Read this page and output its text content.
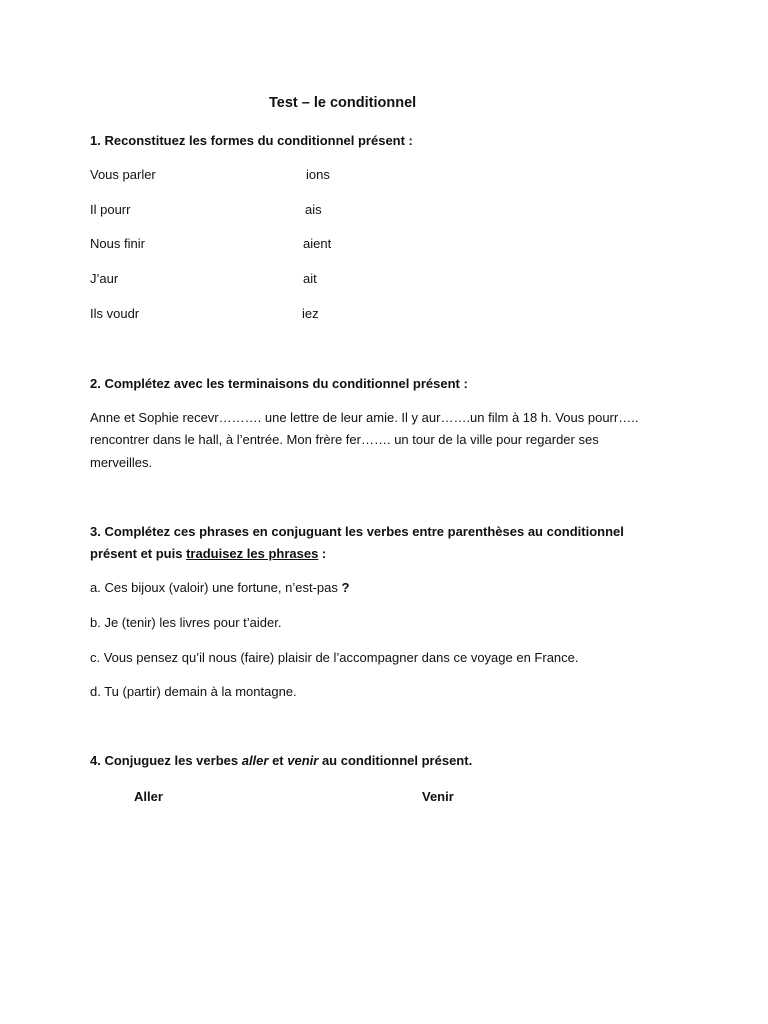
Test – le conditionnel
1. Reconstituez les formes du conditionnel présent :
Vous parler	ions
Il pourr	ais
Nous finir	aient
J’aur	ait
Ils voudr	iez
2. Complétez avec les terminaisons du conditionnel présent :
Anne et Sophie recevr………. une lettre de leur amie. Il y aur…….un film à 18 h. Vous pourr…..
rencontrer dans le hall, à l’entrée. Mon frère fer……. un tour de la ville pour regarder ses
merveilles.
3. Complétez ces phrases en conjuguant les verbes entre parenthèses au conditionnel
présent et puis traduisez les phrases :
a. Ces bijoux (valoir) une fortune, n’est-pas ?
b. Je (tenir) les livres pour t’aider.
c. Vous pensez qu’il nous (faire) plaisir de l’accompagner dans ce voyage en France.
d. Tu (partir) demain à la montagne.
4. Conjuguez les verbes aller et venir au conditionnel présent.
Aller	Venir
